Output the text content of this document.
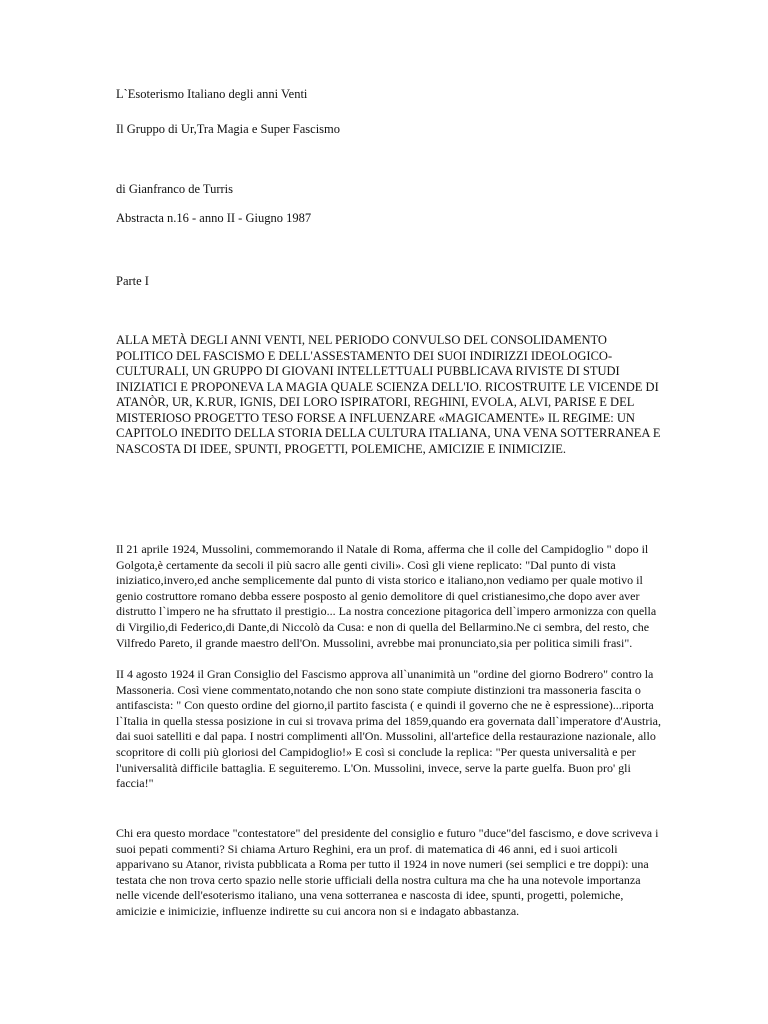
L`Esoterismo Italiano degli anni Venti
Il Gruppo di Ur,Tra Magia e Super Fascismo
di Gianfranco de Turris
Abstracta n.16 - anno II - Giugno 1987
Parte I

ALLA METÀ DEGLI ANNI VENTI, NEL PERIODO CONVULSO DEL CONSOLIDAMENTO POLITICO DEL FASCISMO E DELL'ASSESTAMENTO DEI SUOI INDIRIZZI IDEOLOGICO-CULTURALI, UN GRUPPO DI GIOVANI INTELLETTUALI PUBBLICAVA RIVISTE DI STUDI INIZIATICI E PROPONEVA LA MAGIA QUALE SCIENZA DELL'IO. RICOSTRUITE LE VICENDE DI ATANÒR, UR, K.RUR, IGNIS, DEI LORO ISPIRATORI, REGHINI, EVOLA, ALVI, PARISE E DEL MISTERIOSO PROGETTO TESO FORSE A INFLUENZARE «MAGICAMENTE» IL REGIME: UN CAPITOLO INEDITO DELLA STORIA DELLA CULTURA ITALIANA, UNA VENA SOTTERRANEA E NASCOSTA DI IDEE, SPUNTI, PROGETTI, POLEMICHE, AMICIZIE E INIMICIZIE.

Il 21 aprile 1924, Mussolini, commemorando il Natale di Roma, afferma che il colle del Campidoglio " dopo il Golgota,è certamente da secoli il più sacro alle genti civili». Così gli viene replicato: "Dal punto di vista iniziatico,invero,ed anche semplicemente dal punto di vista storico e italiano,non vediamo per quale motivo il genio costruttore romano debba essere posposto al genio demolitore di quel cristianesimo,che dopo aver aver distrutto l`impero ne ha sfruttato il prestigio... La nostra concezione pitagorica dell`impero armonizza con quella di Virgilio,di Federico,di Dante,di Niccolò da Cusa: e non di quella del Bellarmino.Ne ci sembra, del resto, che Vilfredo Pareto, il grande maestro dell'On. Mussolini, avrebbe mai pronunciato,sia per politica simili frasi".

II 4 agosto 1924 il Gran Consiglio del Fascismo approva all`unanimità un "ordine del giorno Bodrero" contro la Massoneria. Così viene commentato,notando che non sono state compiute distinzioni tra massoneria fascita o antifascista: " Con questo ordine del giorno,il partito fascista ( e quindi il governo che ne è espressione)...riporta l`Italia in quella stessa posizione in cui si trovava prima del 1859,quando era governata dall`imperatore d'Austria, dai suoi satelliti e dal papa. I nostri complimenti all'On. Mussolini, all'artefice della restaurazione nazionale, allo scopritore di colli più gloriosi del Campidoglio!» E così si conclude la replica: "Per questa universalità e per l'universalità difficile battaglia. E seguiteremo. L'On. Mussolini, invece, serve la parte guelfa. Buon pro' gli faccia!"

Chi era questo mordace "contestatore" del presidente del consiglio e futuro "duce"del fascismo, e dove scriveva i suoi pepati commenti? Si chiama Arturo Reghini, era un prof. di matematica di 46 anni, ed i suoi articoli apparivano su Atanor, rivista pubblicata a Roma per tutto il 1924 in nove numeri (sei semplici e tre doppi): una testata che non trova certo spazio nelle storie ufficiali della nostra cultura ma che ha una notevole importanza nelle vicende dell'esoterismo italiano, una vena sotterranea e nascosta di idee, spunti, progetti, polemiche, amicizie e inimicizie, influenze indirette su cui ancora non si e indagato abbastanza.
